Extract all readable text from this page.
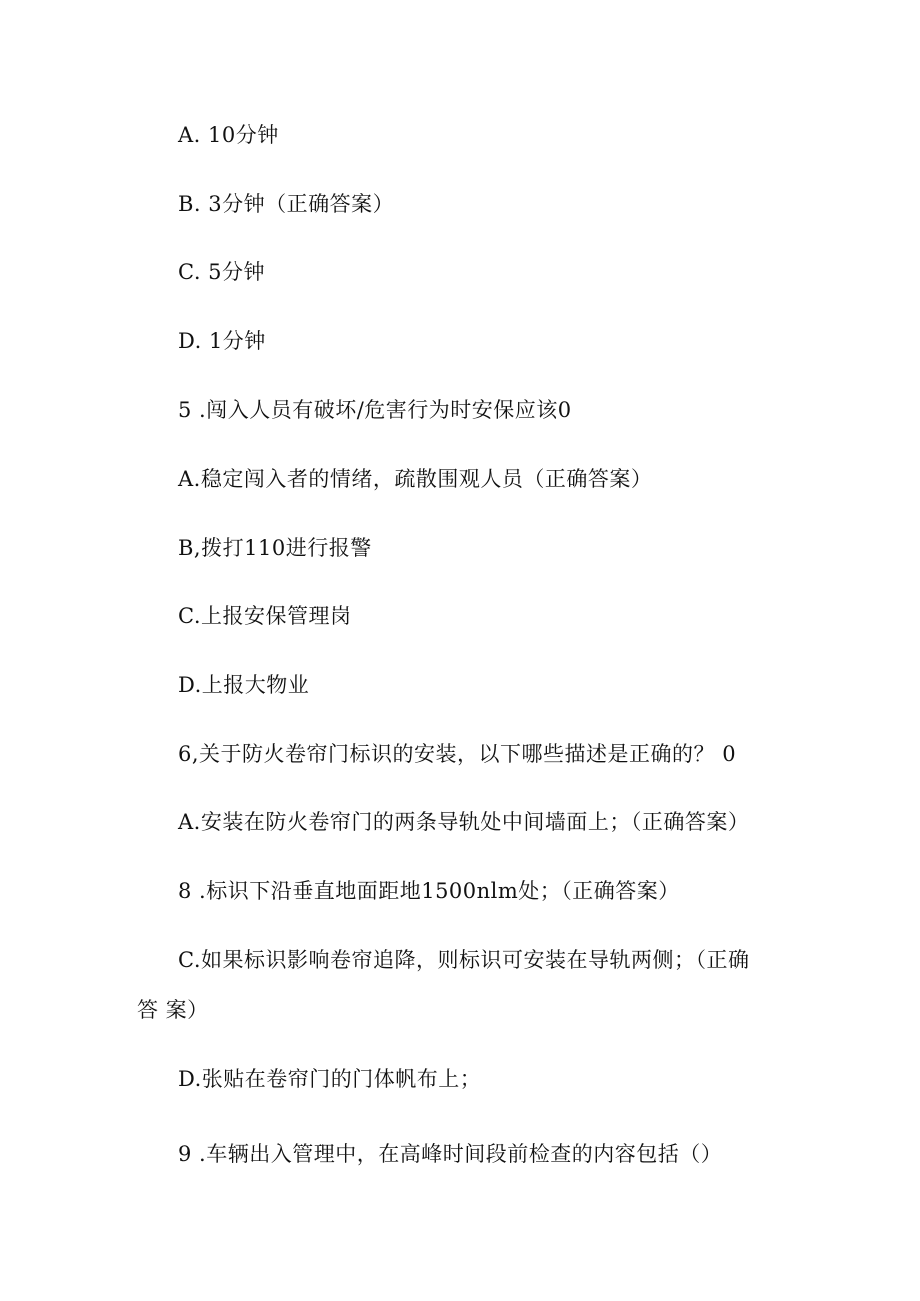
A. 10分钟
B. 3分钟（正确答案）
C. 5分钟
D. 1分钟
5 .闯入人员有破坏/危害行为时安保应该0
A.稳定闯入者的情绪，疏散围观人员（正确答案）
B,拨打110进行报警
C.上报安保管理岗
D.上报大物业
6,关于防火卷帘门标识的安装，以下哪些描述是正确的？ 0
A.安装在防火卷帘门的两条导轨处中间墙面上；（正确答案）
8 .标识下沿垂直地面距地1500nlm处；（正确答案）
C.如果标识影响卷帘追降，则标识可安装在导轨两侧；（正确
答 案）
D.张贴在卷帘门的门体帆布上；
9 .车辆出入管理中，在高峰时间段前检查的内容包括（）
